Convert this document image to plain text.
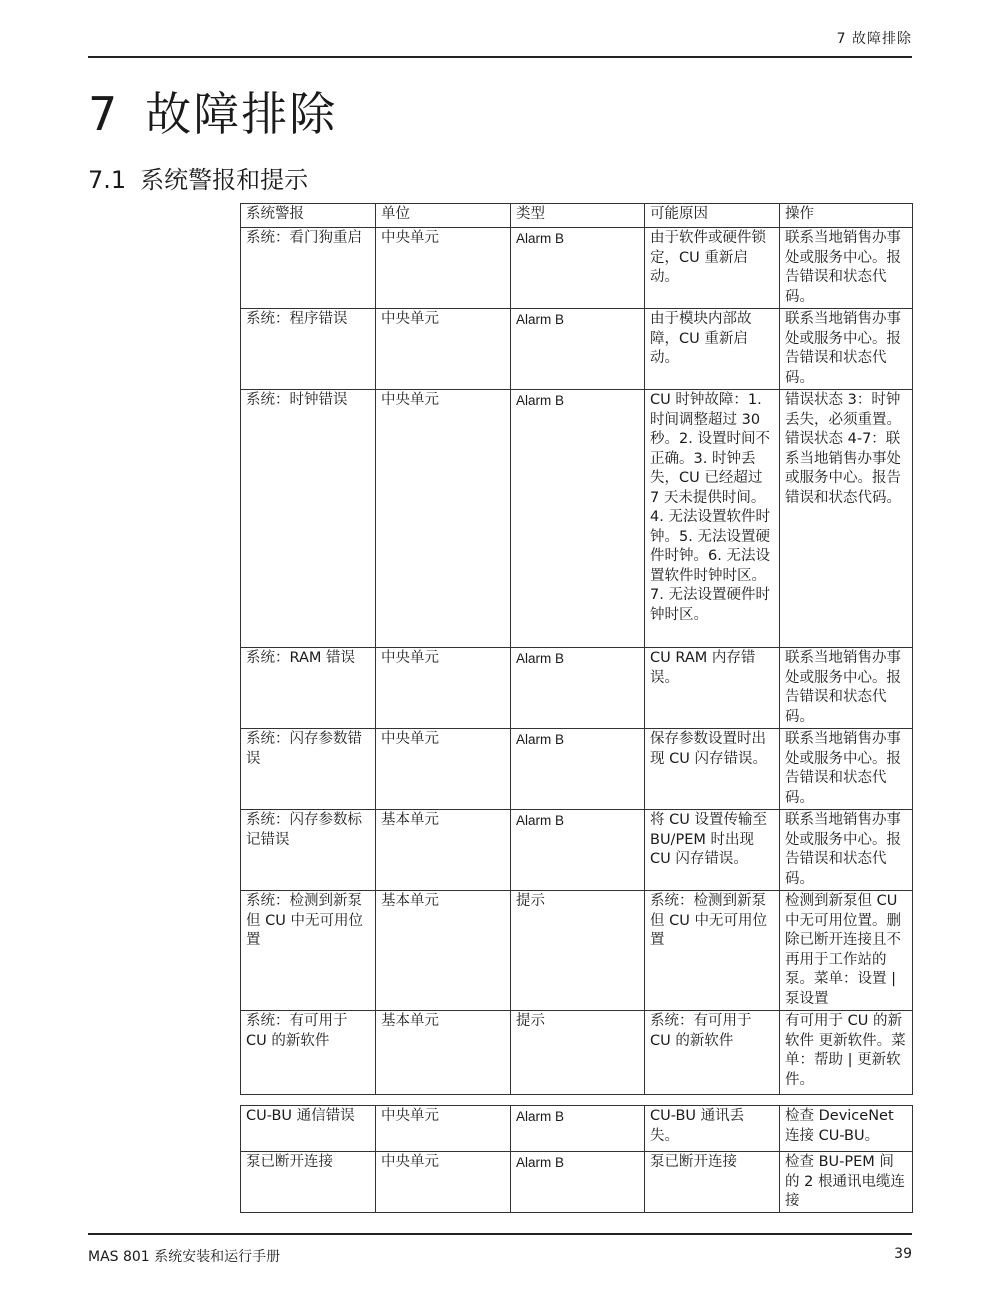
7 故障排除
7 故障排除
7.1 系统警报和提示
系统警报	单位	类型	可能原因	操作
系统：看门狗重启	中央单元	Alarm B	由于软件或硬件锁定，CU 重新启动。	联系当地销售办事处或服务中心。报告错误和状态代码。
系统：程序错误	中央单元	Alarm B	由于模块内部故障，CU 重新启动。	联系当地销售办事处或服务中心。报告错误和状态代码。
系统：时钟错误	中央单元	Alarm B	CU 时钟故障：1. 时间调整超过 30 秒。2. 设置时间不正确。3. 时钟丢失，CU 已经超过 7 天未提供时间。4. 无法设置软件时钟。5. 无法设置硬件时钟。6. 无法设置软件时钟时区。7. 无法设置硬件时钟时区。	错误状态 3：时钟丢失，必须重置。错误状态 4-7：联系当地销售办事处或服务中心。报告错误和状态代码。
系统：RAM 错误	中央单元	Alarm B	CU RAM 内存错误。	联系当地销售办事处或服务中心。报告错误和状态代码。
系统：闪存参数错误	中央单元	Alarm B	保存参数设置时出现 CU 闪存错误。	联系当地销售办事处或服务中心。报告错误和状态代码。
系统：闪存参数标记错误	基本单元	Alarm B	将 CU 设置传输至 BU/PEM 时出现 CU 闪存错误。	联系当地销售办事处或服务中心。报告错误和状态代码。
系统：检测到新泵但 CU 中无可用位置	基本单元	提示	系统：检测到新泵但 CU 中无可用位置	检测到新泵但 CU 中无可用位置。删除已断开连接且不再用于工作站的泵。菜单：设置 | 泵设置
系统：有可用于 CU 的新软件	基本单元	提示	系统：有可用于 CU 的新软件	有可用于 CU 的新软件 更新软件。菜单：帮助 | 更新软件。
CU-BU 通信错误	中央单元	Alarm B	CU-BU 通讯丢失。	检查 DeviceNet 连接 CU-BU。
泵已断开连接	中央单元	Alarm B	泵已断开连接	检查 BU-PEM 间的 2 根通讯电缆连接
MAS 801 系统安装和运行手册	39
